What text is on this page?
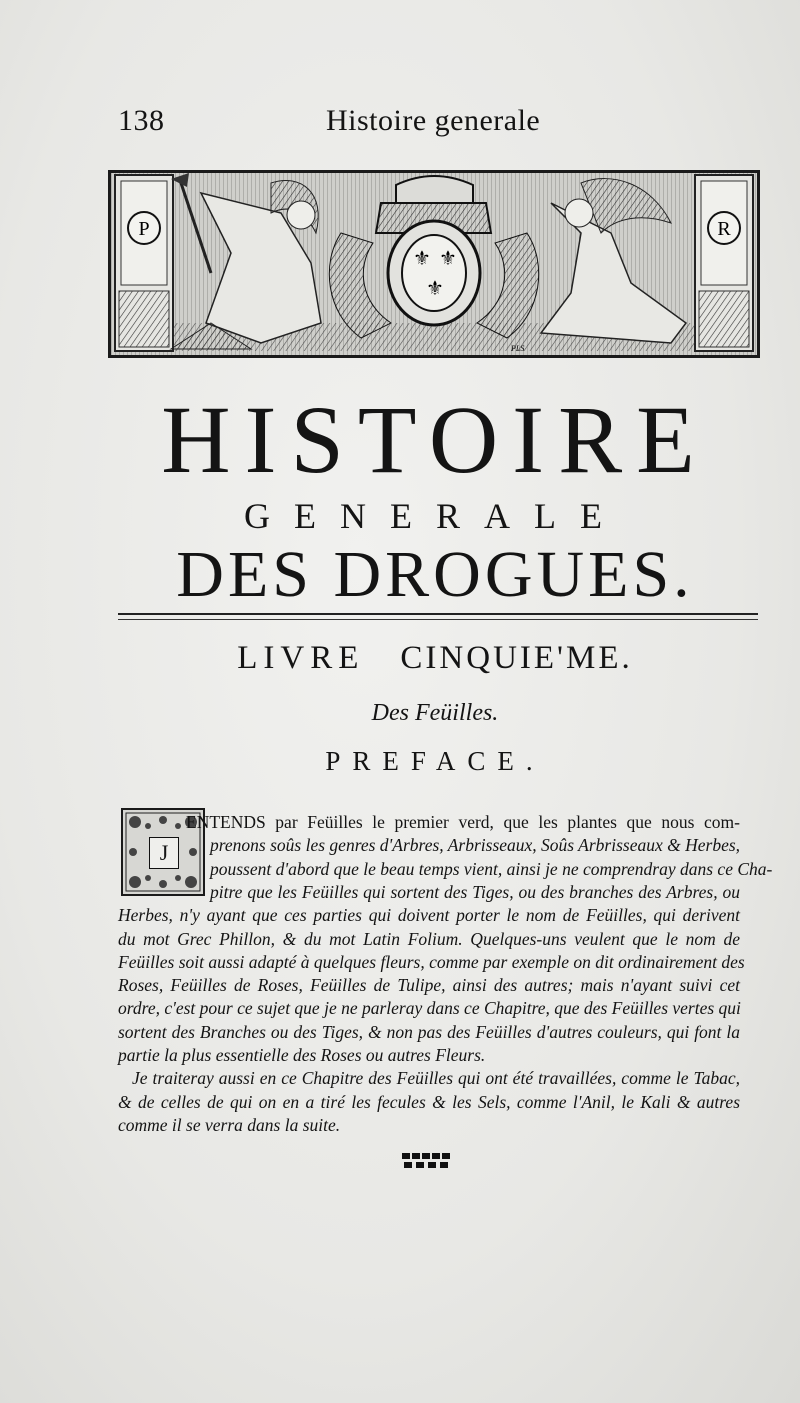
138	Histoire generale
P	R
⚜ ⚜
⚜
PLS
HISTOIRE
GENERALE
DES DROGUES.
LIVRE CINQUIE'ME.
Des Feüilles.
PREFACE.
J
ENTENDS par Feüilles le premier verd, que les plantes que nous com-
prenons soûs les genres d'Arbres, Arbrisseaux, Soûs Arbrisseaux & Herbes,
poussent d'abord que le beau temps vient, ainsi je ne comprendray dans ce Cha-
pitre que les Feüilles qui sortent des Tiges, ou des branches des Arbres, ou
Herbes, n'y ayant que ces parties qui doivent porter le nom de Feüilles, qui derivent
du mot Grec Phillon, & du mot Latin Folium. Quelques-uns veulent que le nom de
Feüilles soit aussi adapté à quelques fleurs, comme par exemple on dit ordinairement des
Roses, Feüilles de Roses, Feüilles de Tulipe, ainsi des autres; mais n'ayant suivi cet
ordre, c'est pour ce sujet que je ne parleray dans ce Chapitre, que des Feüilles vertes qui
sortent des Branches ou des Tiges, & non pas des Feüilles d'autres couleurs, qui font la
partie la plus essentielle des Roses ou autres Fleurs.
Je traiteray aussi en ce Chapitre des Feüilles qui ont été travaillées, comme le Tabac,
& de celles de qui on en a tiré les fecules & les Sels, comme l'Anil, le Kali & autres
comme il se verra dans la suite.
